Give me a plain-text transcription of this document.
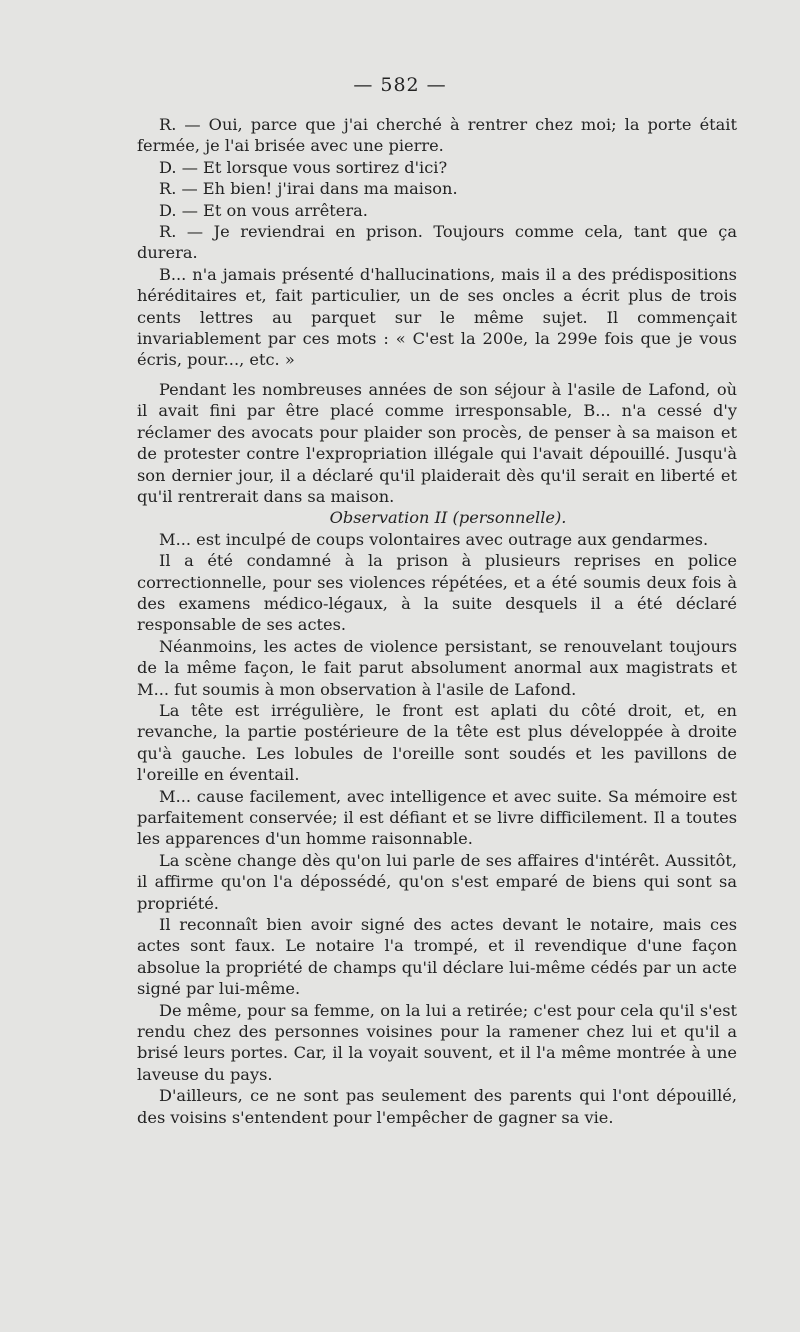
— 582 —

R. — Oui, parce que j'ai cherché à rentrer chez moi; la porte était fermée, je l'ai brisée avec une pierre.

D. — Et lorsque vous sortirez d'ici?

R. — Eh bien! j'irai dans ma maison.

D. — Et on vous arrêtera.

R. — Je reviendrai en prison. Toujours comme cela, tant que ça durera.

B... n'a jamais présenté d'hallucinations, mais il a des prédispositions héréditaires et, fait particulier, un de ses oncles a écrit plus de trois cents lettres au parquet sur le même sujet. Il commençait invariablement par ces mots : « C'est la 200e, la 299e fois que je vous écris, pour..., etc. »

Pendant les nombreuses années de son séjour à l'asile de Lafond, où il avait fini par être placé comme irresponsable, B... n'a cessé d'y réclamer des avocats pour plaider son procès, de penser à sa maison et de protester contre l'expropriation illégale qui l'avait dépouillé. Jusqu'à son dernier jour, il a déclaré qu'il plaiderait dès qu'il serait en liberté et qu'il rentrerait dans sa maison.

Observation II (personnelle).

M... est inculpé de coups volontaires avec outrage aux gendarmes.

Il a été condamné à la prison à plusieurs reprises en police correctionnelle, pour ses violences répétées, et a été soumis deux fois à des examens médico-légaux, à la suite desquels il a été déclaré responsable de ses actes.

Néanmoins, les actes de violence persistant, se renouvelant toujours de la même façon, le fait parut absolument anormal aux magistrats et M... fut soumis à mon observation à l'asile de Lafond.

La tête est irrégulière, le front est aplati du côté droit, et, en revanche, la partie postérieure de la tête est plus développée à droite qu'à gauche. Les lobules de l'oreille sont soudés et les pavillons de l'oreille en éventail.

M... cause facilement, avec intelligence et avec suite. Sa mémoire est parfaitement conservée; il est défiant et se livre difficilement. Il a toutes les apparences d'un homme raisonnable.

La scène change dès qu'on lui parle de ses affaires d'intérêt. Aussitôt, il affirme qu'on l'a dépossédé, qu'on s'est emparé de biens qui sont sa propriété.

Il reconnaît bien avoir signé des actes devant le notaire, mais ces actes sont faux. Le notaire l'a trompé, et il revendique d'une façon absolue la propriété de champs qu'il déclare lui-même cédés par un acte signé par lui-même.

De même, pour sa femme, on la lui a retirée; c'est pour cela qu'il s'est rendu chez des personnes voisines pour la ramener chez lui et qu'il a brisé leurs portes. Car, il la voyait souvent, et il l'a même montrée à une laveuse du pays.

D'ailleurs, ce ne sont pas seulement des parents qui l'ont dépouillé, des voisins s'entendent pour l'empêcher de gagner sa vie.
